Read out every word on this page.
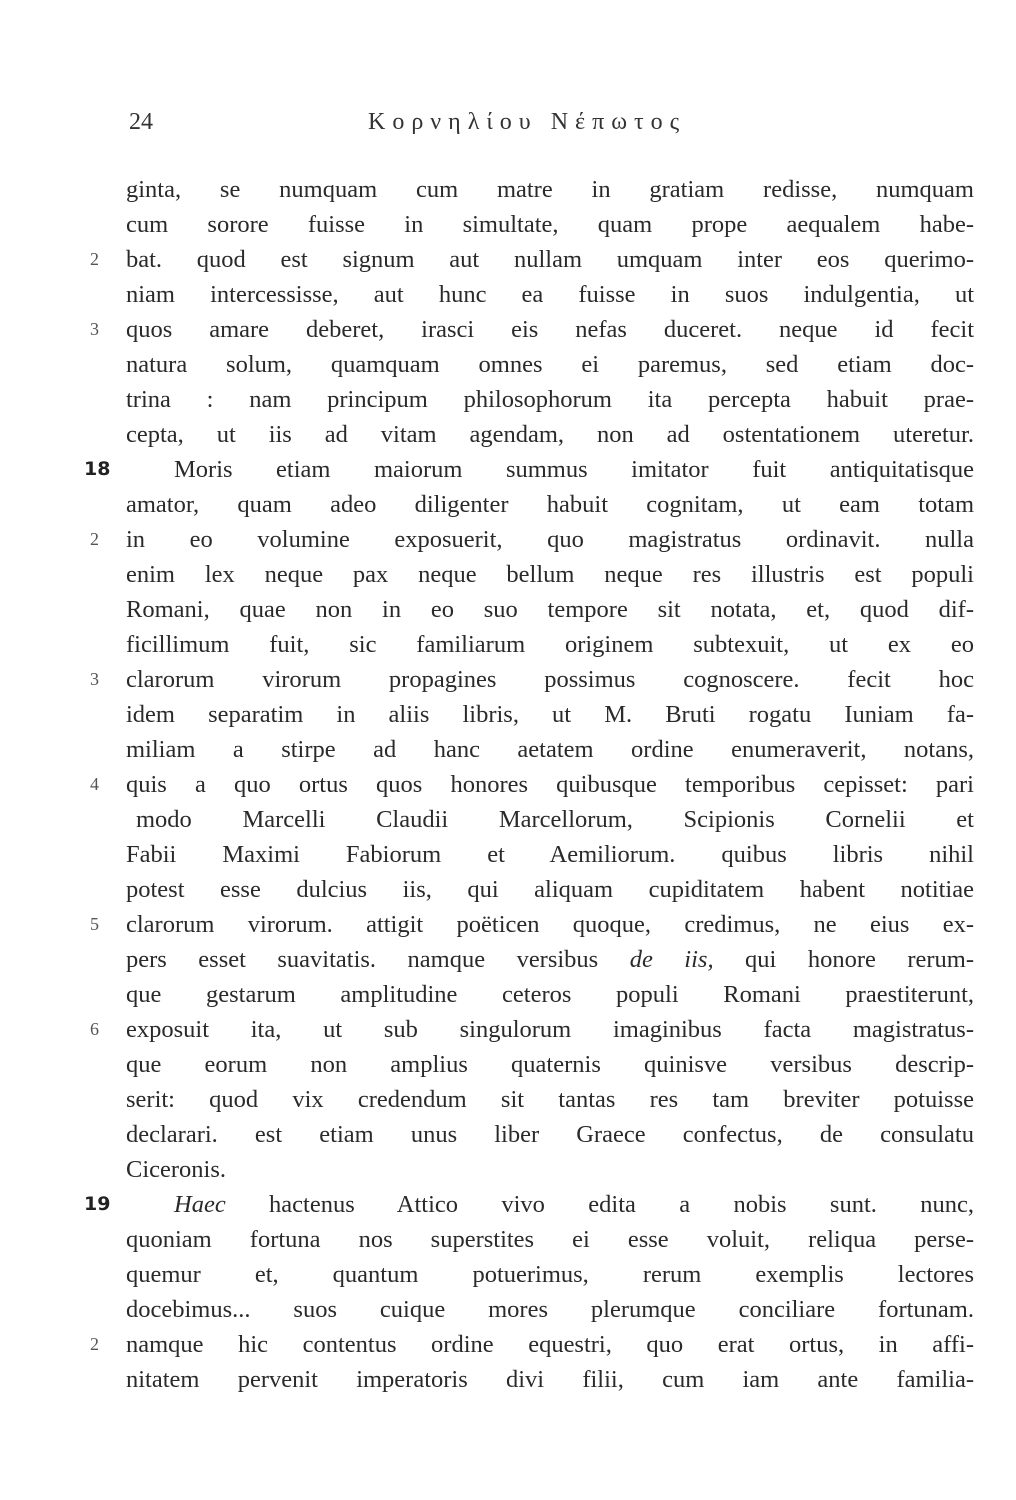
24	Κορνηλίου Νέπωτος
ginta, se numquam cum matre in gratiam redisse, numquam
cum sorore fuisse in simultate, quam prope aequalem habe-
2	bat. quod est signum aut nullam umquam inter eos querimo-
niam intercessisse, aut hunc ea fuisse in suos indulgentia, ut
3	quos amare deberet, irasci eis nefas duceret. neque id fecit
natura solum, quamquam omnes ei paremus, sed etiam doc-
trina : nam principum philosophorum ita percepta habuit prae-
cepta, ut iis ad vitam agendam, non ad ostentationem uteretur.
18	Moris etiam maiorum summus imitator fuit antiquitatisque
amator, quam adeo diligenter habuit cognitam, ut eam totam
2	in eo volumine exposuerit, quo magistratus ordinavit. nulla
enim lex neque pax neque bellum neque res illustris est populi
Romani, quae non in eo suo tempore sit notata, et, quod dif-
ficillimum fuit, sic familiarum originem subtexuit, ut ex eo
3	clarorum virorum propagines possimus cognoscere. fecit hoc
idem separatim in aliis libris, ut M. Bruti rogatu Iuniam fa-
miliam a stirpe ad hanc aetatem ordine enumeraverit, notans,
4	quis a quo ortus quos honores quibusque temporibus cepisset: pari
modo Marcelli Claudii Marcellorum, Scipionis Cornelii et
Fabii Maximi Fabiorum et Aemiliorum. quibus libris nihil
potest esse dulcius iis, qui aliquam cupiditatem habent notitiae
5	clarorum virorum. attigit poëticen quoque, credimus, ne eius ex-
pers esset suavitatis. namque versibus de iis, qui honore rerum-
que gestarum amplitudine ceteros populi Romani praestiterunt,
6	exposuit ita, ut sub singulorum imaginibus facta magistratus-
que eorum non amplius quaternis quinisve versibus descrip-
serit: quod vix credendum sit tantas res tam breviter potuisse
declarari. est etiam unus liber Graece confectus, de consulatu
Ciceronis.
19	Haec hactenus Attico vivo edita a nobis sunt. nunc,
quoniam fortuna nos superstites ei esse voluit, reliqua perse-
quemur et, quantum potuerimus, rerum exemplis lectores
docebimus... suos cuique mores plerumque conciliare fortunam.
2	namque hic contentus ordine equestri, quo erat ortus, in affi-
nitatem pervenit imperatoris divi filii, cum iam ante familia-
